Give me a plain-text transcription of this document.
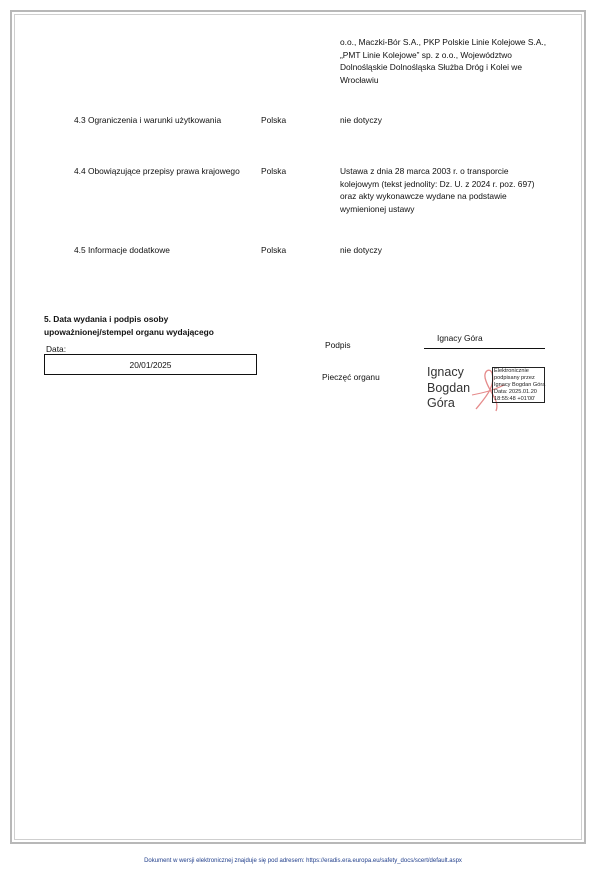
o.o., Maczki-Bór S.A., PKP Polskie Linie Kolejowe S.A.,
„PMT Linie Kolejowe” sp. z o.o., Województwo
Dolnośląskie Dolnośląska Służba Dróg i Kolei we
Wrocławiu
4.3 Ograniczenia i warunki użytkowania	Polska	nie dotyczy
4.4 Obowiązujące przepisy prawa krajowego	Polska	Ustawa z dnia 28 marca 2003 r. o transporcie
kolejowym (tekst jednolity: Dz. U. z 2024 r. poz. 697)
oraz akty wykonawcze wydane na podstawie
wymienionej ustawy
4.5 Informacje dodatkowe	Polska	nie dotyczy
5. Data wydania i podpis osoby
upoważnionej/stempel organu wydającego
Data:
20/01/2025
Podpis
Ignacy Góra
Pieczęć organu	Ignacy
Bogdan
Góra
Elektronicznie
podpisany przez
Ignacy Bogdan Góra
Data: 2025.01.20
18:55:48 +01'00'
Dokument w wersji elektronicznej znajduje się pod adresem: https://eradis.era.europa.eu/safety_docs/scert/default.aspx
